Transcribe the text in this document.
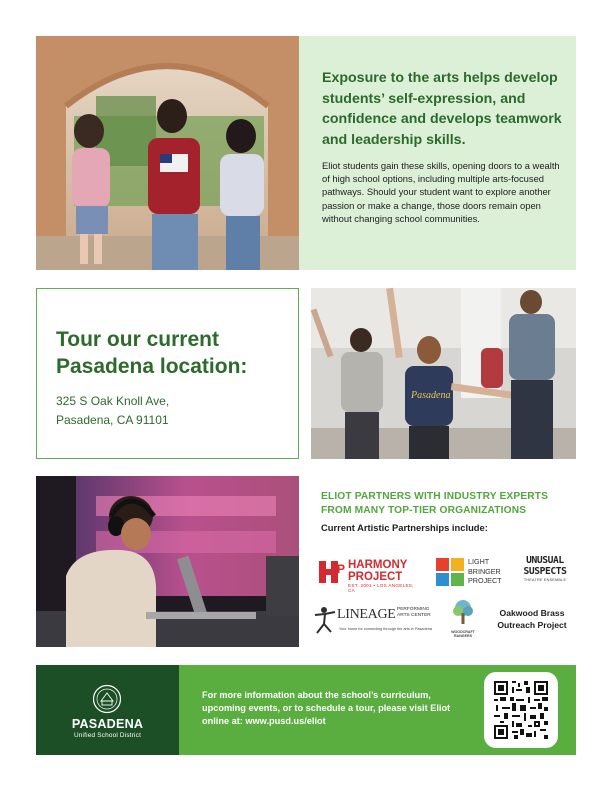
Exposure to the arts helps develop students’ self-expression, and confidence and develops teamwork and leadership skills.
Eliot students gain these skills, opening doors to a wealth of high school options, including multiple arts-focused pathways. Should your student want to explore another passion or make a change, those doors remain open without changing school communities.
Tour our current Pasadena location:
325 S Oak Knoll Ave,
Pasadena, CA 91101
Pasadena
ELIOT PARTNERS WITH INDUSTRY EXPERTS FROM MANY TOP-TIER ORGANIZATIONS
Current Artistic Partnerships include:
P HARMONY PROJECT
EST. 2001 • LOS ANGELES, CA
LIGHT
BRINGER
PROJECT
UNUSUAL
SUSPECTS
THEATRE ENSEMBLE
LINEAGE PERFORMING
ARTS CENTER
Your home for connecting through the arts in Pasadena
WOODCRAFT
RANGERS
Oakwood Brass
Outreach Project
PASADENA
Unified School District
For more information about the school’s curriculum, upcoming events, or to schedule a tour, please visit Eliot online at: www.pusd.us/eliot
